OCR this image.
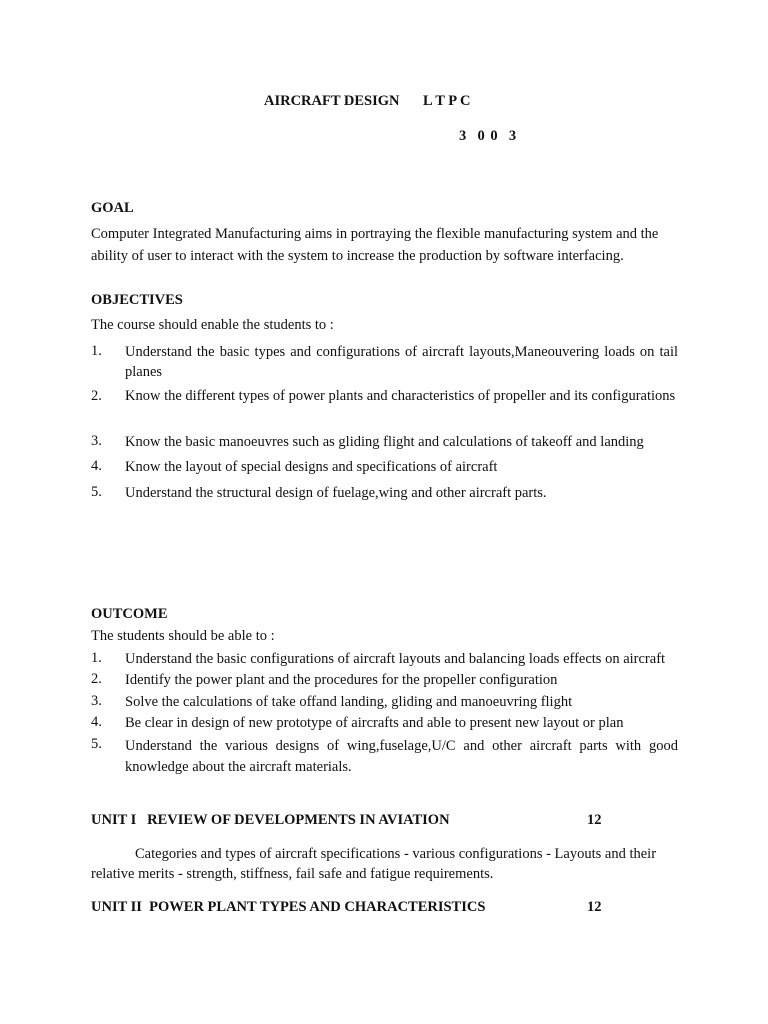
AIRCRAFT DESIGN L T P C
3  0 0  3
GOAL
Computer Integrated Manufacturing aims in portraying the flexible manufacturing system and the ability of user to interact with the system to increase the production by software interfacing.
OBJECTIVES
The course should enable the students to :
1. Understand the basic types and configurations of aircraft layouts,Maneouvering loads on tail planes
2. Know the different types of power plants and characteristics of propeller and its configurations
3. Know the basic manoeuvres such as gliding flight and calculations of takeoff and landing
4. Know the layout of special designs and specifications of aircraft
5. Understand the structural design of fuelage,wing and other aircraft parts.
OUTCOME
The students should be able to :
1. Understand the basic configurations of aircraft layouts and balancing loads effects on aircraft
2. Identify the power plant and the procedures for the propeller configuration
3. Solve the calculations of take offand landing, gliding and manoeuvring flight
4. Be clear in design of new prototype of aircrafts and able to present new layout or plan
5. Understand the various designs of wing,fuselage,U/C and other aircraft parts with good knowledge about the aircraft materials.
UNIT I   REVIEW OF DEVELOPMENTS IN AVIATION	12
Categories and types of aircraft specifications - various configurations - Layouts and their relative merits - strength, stiffness, fail safe and fatigue requirements.
UNIT II  POWER PLANT TYPES AND CHARACTERISTICS	12
